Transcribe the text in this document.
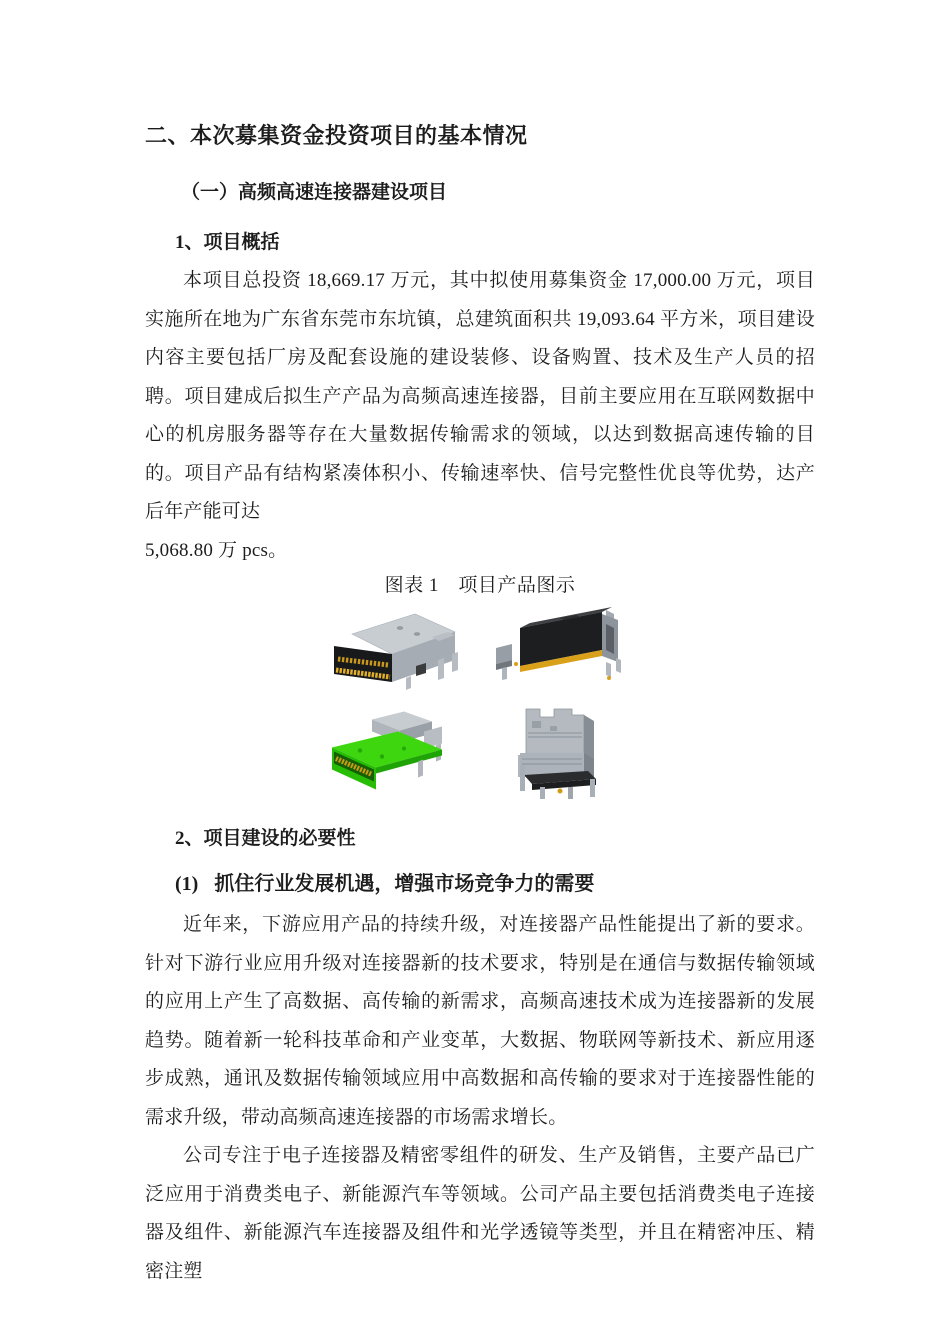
二、本次募集资金投资项目的基本情况
（一）高频高速连接器建设项目
1、项目概括

本项目总投资 18,669.17 万元，其中拟使用募集资金 17,000.00 万元，项目实施所在地为广东省东莞市东坑镇，总建筑面积共 19,093.64 平方米，项目建设内容主要包括厂房及配套设施的建设装修、设备购置、技术及生产人员的招聘。项目建成后拟生产产品为高频高速连接器，目前主要应用在互联网数据中心的机房服务器等存在大量数据传输需求的领域，以达到数据高速传输的目的。项目产品有结构紧凑体积小、传输速率快、信号完整性优良等优势，达产后年产能可达

5,068.80 万 pcs。

图表 1　项目产品图示
2、项目建设的必要性
(1) 抓住行业发展机遇，增强市场竞争力的需要

近年来，下游应用产品的持续升级，对连接器产品性能提出了新的要求。针对下游行业应用升级对连接器新的技术要求，特别是在通信与数据传输领域的应用上产生了高数据、高传输的新需求，高频高速技术成为连接器新的发展趋势。随着新一轮科技革命和产业变革，大数据、物联网等新技术、新应用逐步成熟，通讯及数据传输领域应用中高数据和高传输的要求对于连接器性能的需求升级，带动高频高速连接器的市场需求增长。

公司专注于电子连接器及精密零组件的研发、生产及销售，主要产品已广泛应用于消费类电子、新能源汽车等领域。公司产品主要包括消费类电子连接器及组件、新能源汽车连接器及组件和光学透镜等类型，并且在精密冲压、精密注塑
